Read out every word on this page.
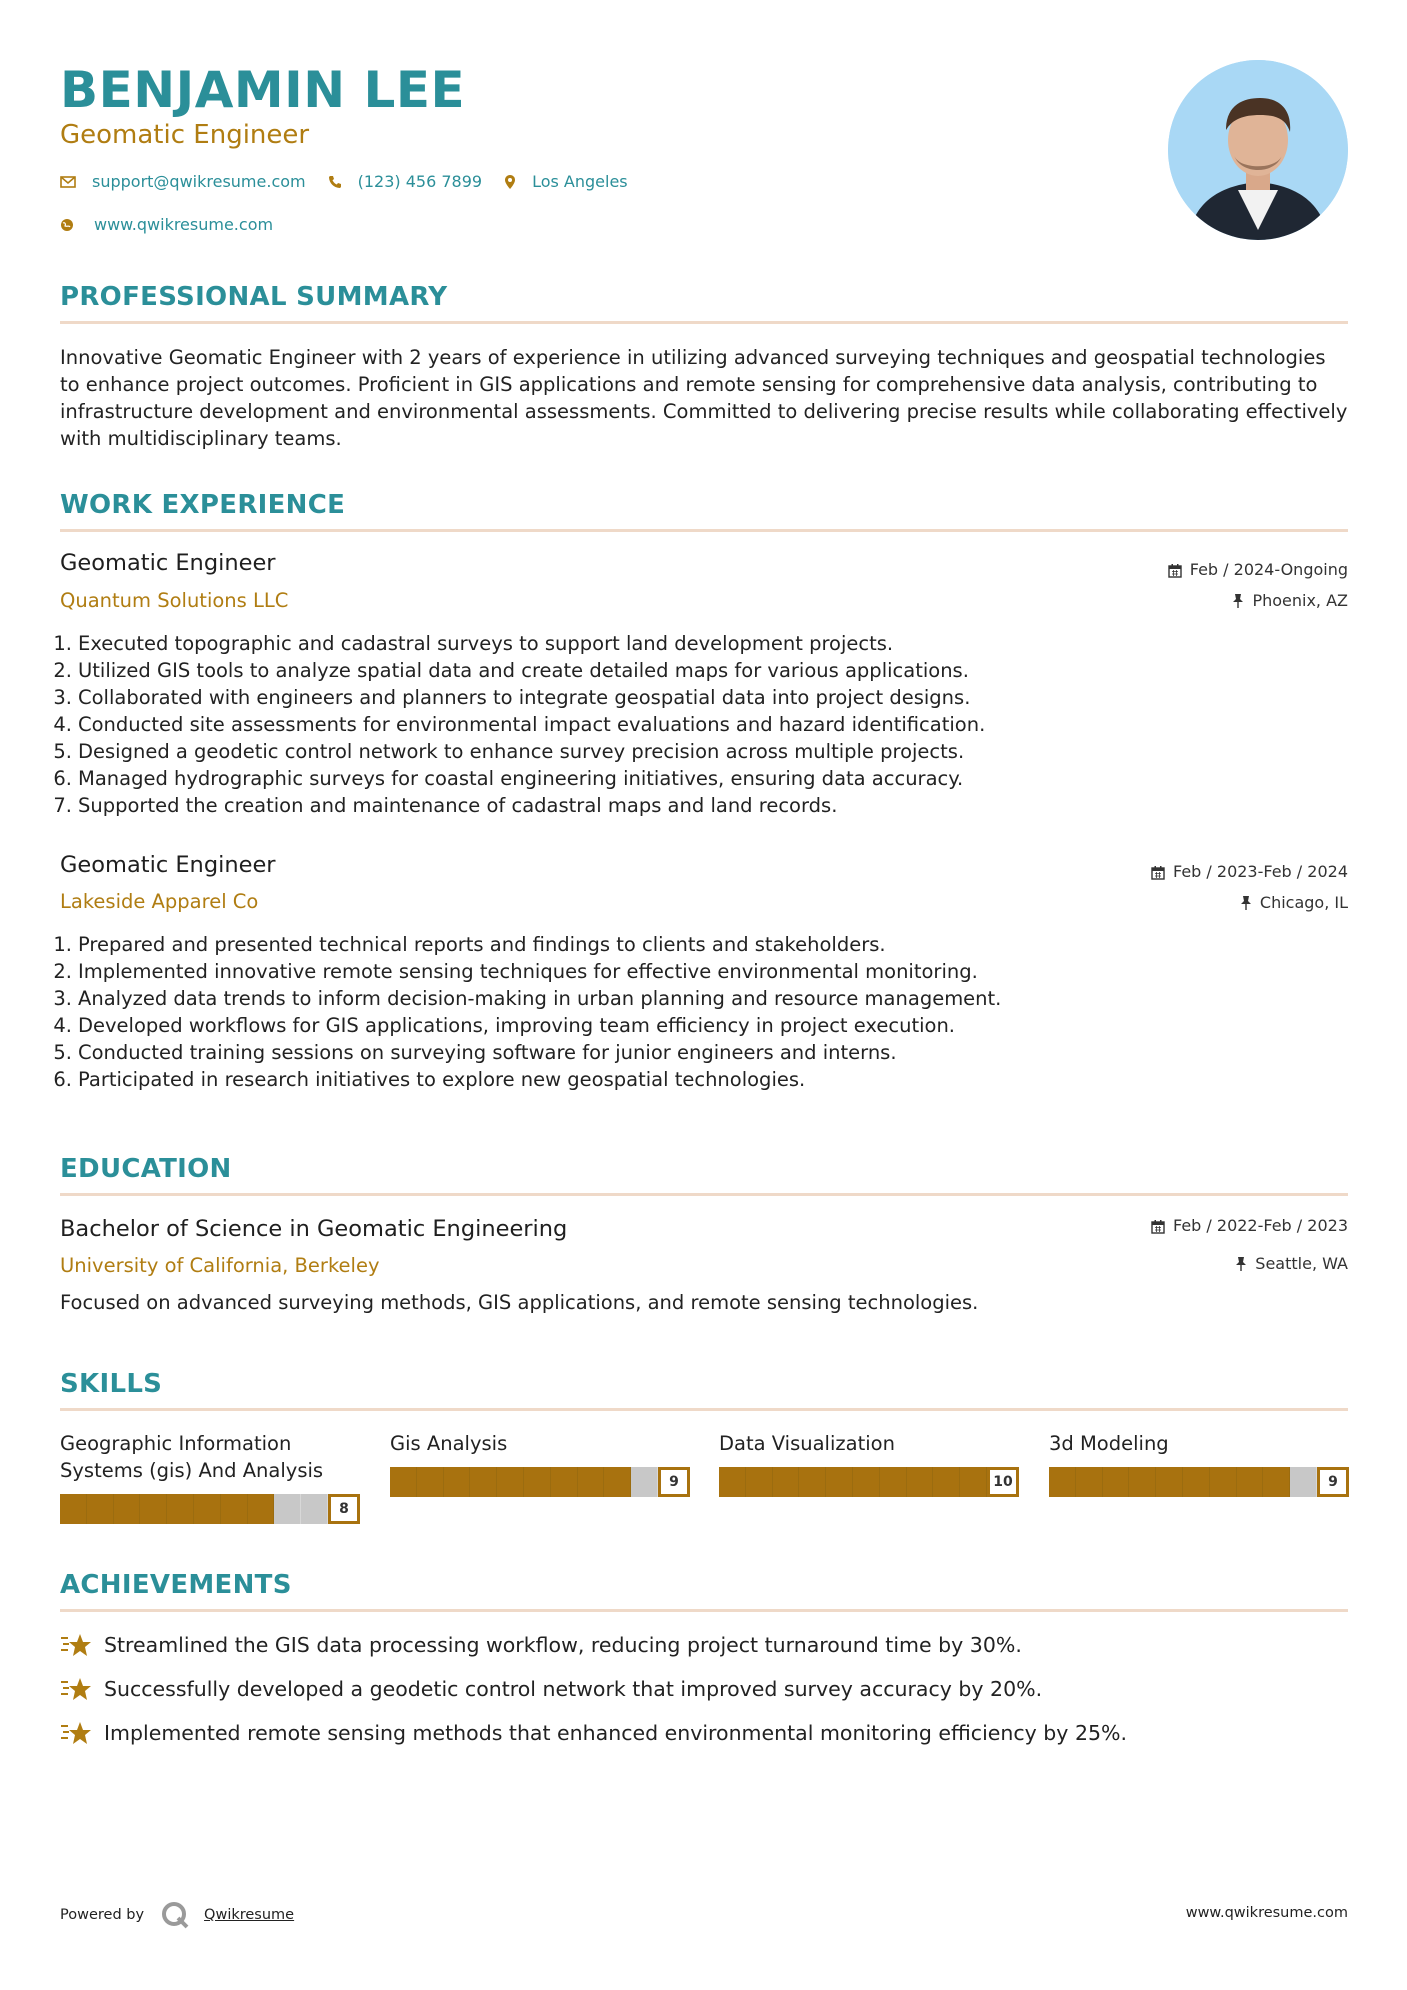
BENJAMIN LEE
Geomatic Engineer
support@qwikresume.com	(123) 456 7899	Los Angeles
www.qwikresume.com
PROFESSIONAL SUMMARY
Innovative Geomatic Engineer with 2 years of experience in utilizing advanced surveying techniques and geospatial technologies to enhance project outcomes. Proficient in GIS applications and remote sensing for comprehensive data analysis, contributing to infrastructure development and environmental assessments. Committed to delivering precise results while collaborating effectively with multidisciplinary teams.
WORK EXPERIENCE
Geomatic Engineer
Quantum Solutions LLC
Feb / 2024-Ongoing
Phoenix, AZ
1. Executed topographic and cadastral surveys to support land development projects.
2. Utilized GIS tools to analyze spatial data and create detailed maps for various applications.
3. Collaborated with engineers and planners to integrate geospatial data into project designs.
4. Conducted site assessments for environmental impact evaluations and hazard identification.
5. Designed a geodetic control network to enhance survey precision across multiple projects.
6. Managed hydrographic surveys for coastal engineering initiatives, ensuring data accuracy.
7. Supported the creation and maintenance of cadastral maps and land records.
Geomatic Engineer
Lakeside Apparel Co
Feb / 2023-Feb / 2024
Chicago, IL
1. Prepared and presented technical reports and findings to clients and stakeholders.
2. Implemented innovative remote sensing techniques for effective environmental monitoring.
3. Analyzed data trends to inform decision-making in urban planning and resource management.
4. Developed workflows for GIS applications, improving team efficiency in project execution.
5. Conducted training sessions on surveying software for junior engineers and interns.
6. Participated in research initiatives to explore new geospatial technologies.
EDUCATION
Bachelor of Science in Geomatic Engineering
University of California, Berkeley
Feb / 2022-Feb / 2023
Seattle, WA
Focused on advanced surveying methods, GIS applications, and remote sensing technologies.
SKILLS
Geographic Information Systems (gis) And Analysis
8
Gis Analysis
9
Data Visualization
10
3d Modeling
9
ACHIEVEMENTS
Streamlined the GIS data processing workflow, reducing project turnaround time by 30%.
Successfully developed a geodetic control network that improved survey accuracy by 20%.
Implemented remote sensing methods that enhanced environmental monitoring efficiency by 25%.
Powered by	Qwikresume	www.qwikresume.com
